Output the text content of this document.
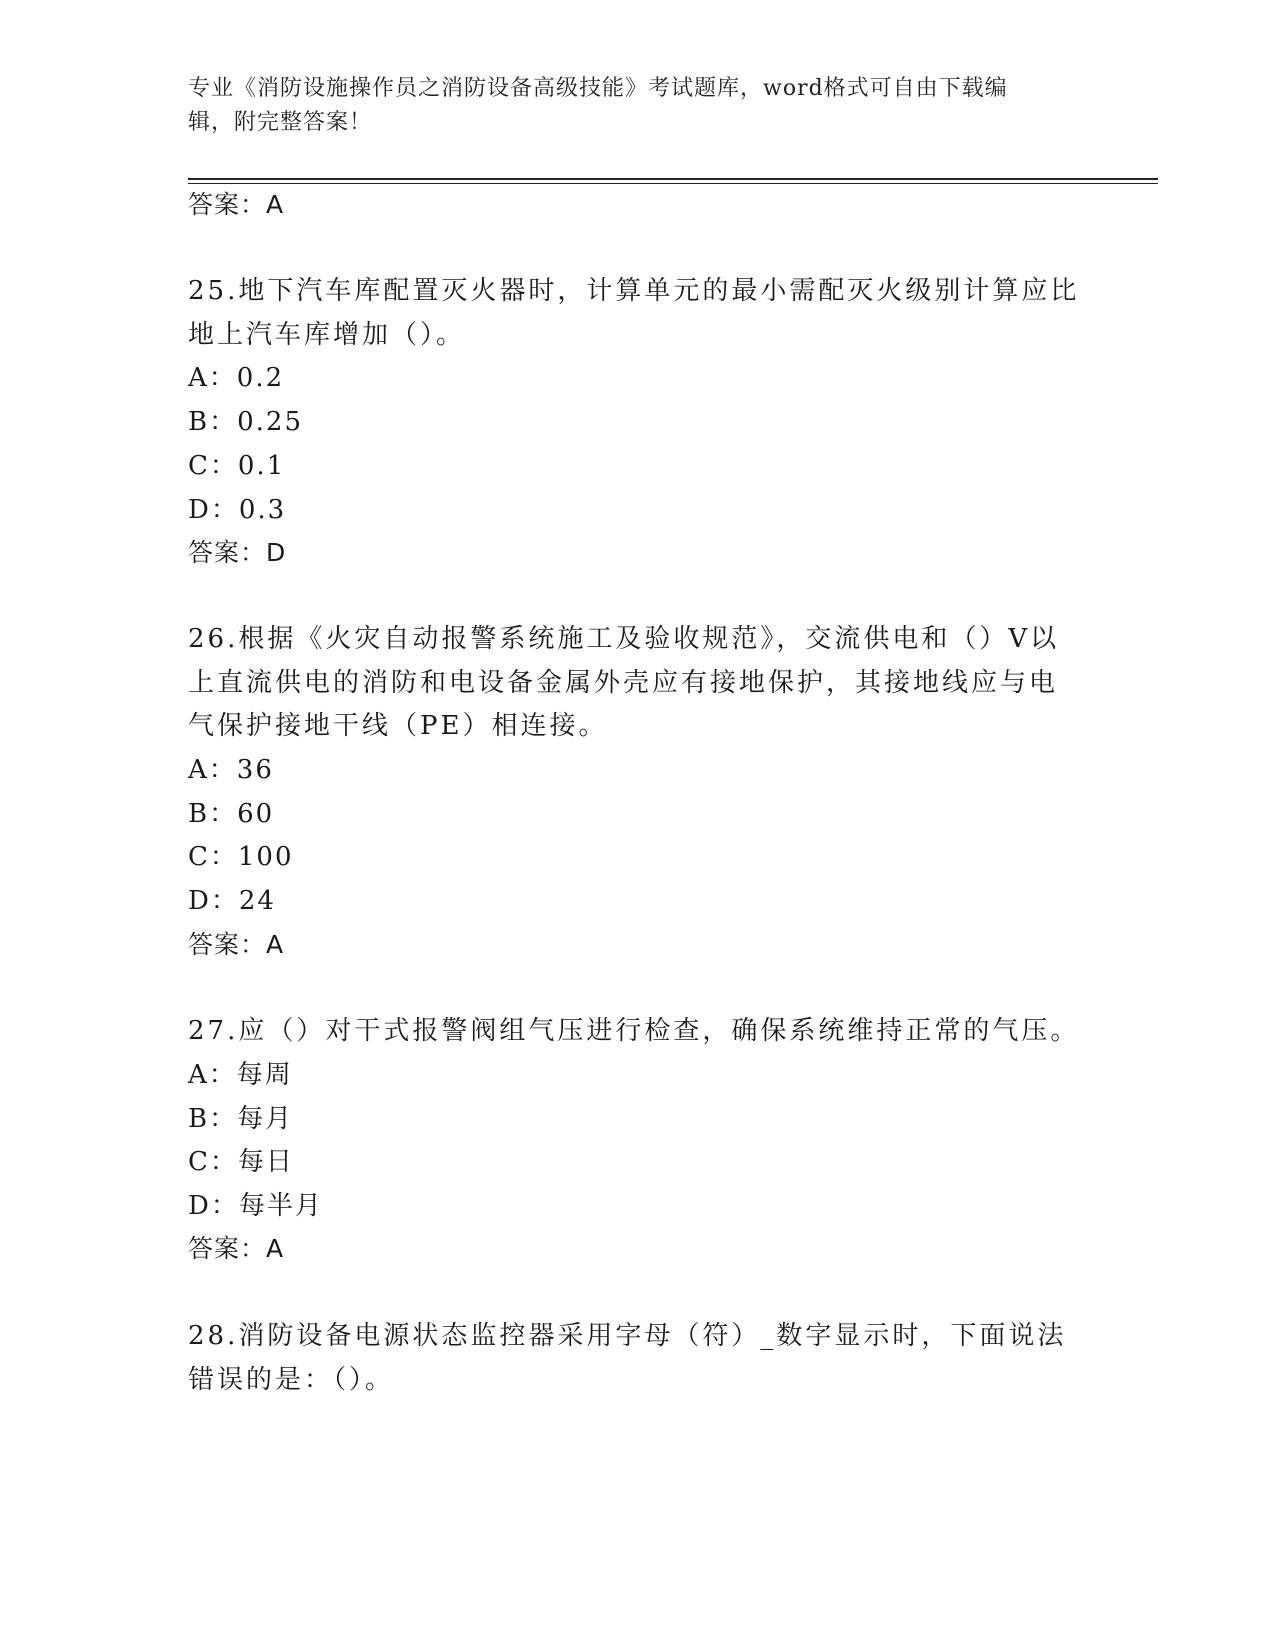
专业《消防设施操作员之消防设备高级技能》考试题库，word格式可自由下载编
辑，附完整答案！
答案：A
25.地下汽车库配置灭火器时，计算单元的最小需配灭火级别计算应比
地上汽车库增加（）。
A：0.2
B：0.25
C：0.1
D：0.3
答案：D
26.根据《火灾自动报警系统施工及验收规范》，交流供电和（）V以
上直流供电的消防和电设备金属外壳应有接地保护，其接地线应与电
气保护接地干线（PE）相连接。
A：36
B：60
C：100
D：24
答案：A
27.应（）对干式报警阀组气压进行检查，确保系统维持正常的气压。
A：每周
B：每月
C：每日
D：每半月
答案：A
28.消防设备电源状态监控器采用字母（符）_数字显示时，下面说法
错误的是：（）。
